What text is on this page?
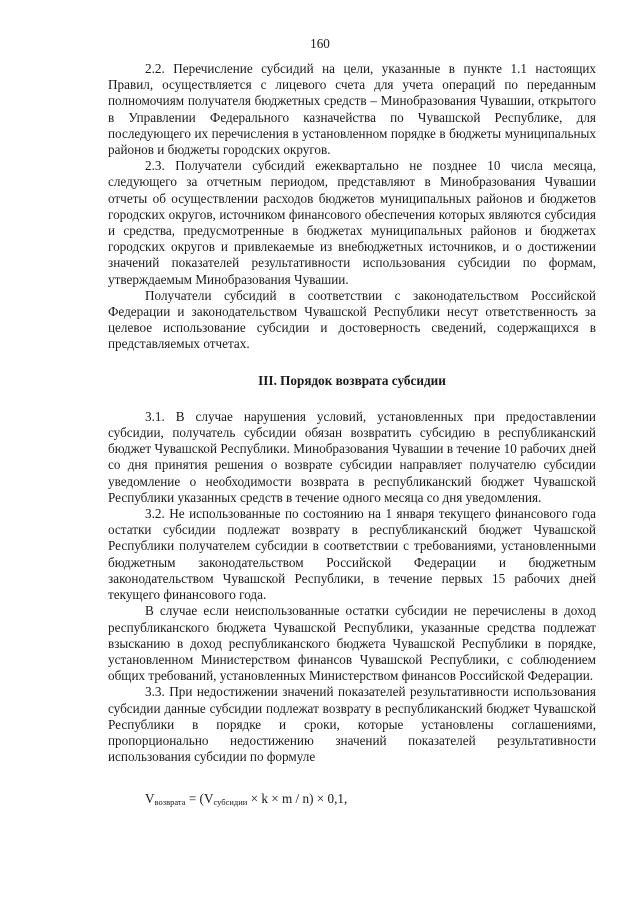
160

2.2. Перечисление субсидий на цели, указанные в пункте 1.1 настоящих Правил, осуществляется с лицевого счета для учета операций по переданным полномочиям получателя бюджетных средств – Минобразования Чувашии, открытого в Управлении Федерального казначейства по Чувашской Республике, для последующего их перечисления в установленном порядке в бюджеты муниципальных районов и бюджеты городских округов.

2.3. Получатели субсидий ежеквартально не позднее 10 числа месяца, следующего за отчетным периодом, представляют в Минобразования Чувашии отчеты об осуществлении расходов бюджетов муниципальных районов и бюджетов городских округов, источником финансового обеспечения которых являются субсидия и средства, предусмотренные в бюджетах муниципальных районов и бюджетах городских округов и привлекаемые из внебюджетных источников, и о достижении значений показателей результативности использования субсидии по формам, утверждаемым Минобразования Чувашии.

Получатели субсидий в соответствии с законодательством Российской Федерации и законодательством Чувашской Республики несут ответственность за целевое использование субсидии и достоверность сведений, содержащихся в представляемых отчетах.

III. Порядок возврата субсидии

3.1. В случае нарушения условий, установленных при предоставлении субсидии, получатель субсидии обязан возвратить субсидию в республиканский бюджет Чувашской Республики. Минобразования Чувашии в течение 10 рабочих дней со дня принятия решения о возврате субсидии направляет получателю субсидии уведомление о необходимости возврата в республиканский бюджет Чувашской Республики указанных средств в течение одного месяца со дня уведомления.

3.2. Не использованные по состоянию на 1 января текущего финансового года остатки субсидии подлежат возврату в республиканский бюджет Чувашской Республики получателем субсидии в соответствии с требованиями, установленными бюджетным законодательством Российской Федерации и бюджетным законодательством Чувашской Республики, в течение первых 15 рабочих дней текущего финансового года.

В случае если неиспользованные остатки субсидии не перечислены в доход республиканского бюджета Чувашской Республики, указанные средства подлежат взысканию в доход республиканского бюджета Чувашской Республики в порядке, установленном Министерством финансов Чувашской Республики, с соблюдением общих требований, установленных Министерством финансов Российской Федерации.

3.3. При недостижении значений показателей результативности использования субсидии данные субсидии подлежат возврату в республиканский бюджет Чувашской Республики в порядке и сроки, которые установлены соглашениями, пропорционально недостижению значений показателей результативности использования субсидии по формуле

$V_{возврата} = (V_{субсидии} \times k \times m / n) \times 0,1$,
